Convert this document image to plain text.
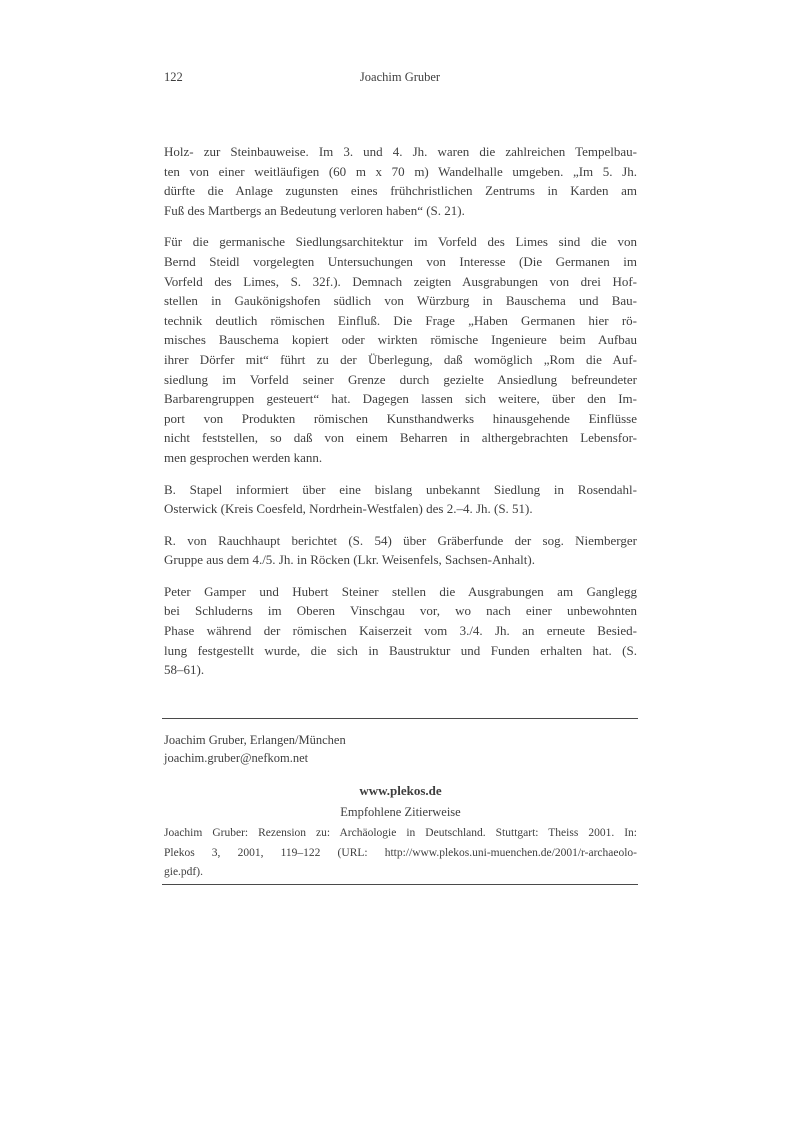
122	Joachim Gruber
Holz- zur Steinbauweise. Im 3. und 4. Jh. waren die zahlreichen Tempelbau-
ten von einer weitläufigen (60 m x 70 m) Wandelhalle umgeben. „Im 5. Jh.
dürfte die Anlage zugunsten eines frühchristlichen Zentrums in Karden am
Fuß des Martbergs an Bedeutung verloren haben“ (S. 21).
Für die germanische Siedlungsarchitektur im Vorfeld des Limes sind die von
Bernd Steidl vorgelegten Untersuchungen von Interesse (Die Germanen im
Vorfeld des Limes, S. 32f.). Demnach zeigten Ausgrabungen von drei Hof-
stellen in Gaukönigshofen südlich von Würzburg in Bauschema und Bau-
technik deutlich römischen Einfluß. Die Frage „Haben Germanen hier rö-
misches Bauschema kopiert oder wirkten römische Ingenieure beim Aufbau
ihrer Dörfer mit“ führt zu der Überlegung, daß womöglich „Rom die Auf-
siedlung im Vorfeld seiner Grenze durch gezielte Ansiedlung befreundeter
Barbarengruppen gesteuert“ hat. Dagegen lassen sich weitere, über den Im-
port von Produkten römischen Kunsthandwerks hinausgehende Einflüsse
nicht feststellen, so daß von einem Beharren in althergebrachten Lebensfor-
men gesprochen werden kann.
B. Stapel informiert über eine bislang unbekannt Siedlung in Rosendahl-
Osterwick (Kreis Coesfeld, Nordrhein-Westfalen) des 2.–4. Jh. (S. 51).
R. von Rauchhaupt berichtet (S. 54) über Gräberfunde der sog. Niemberger
Gruppe aus dem 4./5. Jh. in Röcken (Lkr. Weisenfels, Sachsen-Anhalt).
Peter Gamper und Hubert Steiner stellen die Ausgrabungen am Ganglegg
bei Schluderns im Oberen Vinschgau vor, wo nach einer unbewohnten
Phase während der römischen Kaiserzeit vom 3./4. Jh. an erneute Besied-
lung festgestellt wurde, die sich in Baustruktur und Funden erhalten hat. (S.
58–61).
Joachim Gruber, Erlangen/München
joachim.gruber@nefkom.net
www.plekos.de
Empfohlene Zitierweise
Joachim Gruber: Rezension zu: Archäologie in Deutschland. Stuttgart: Theiss 2001. In:
Plekos 3, 2001, 119–122 (URL: http://www.plekos.uni-muenchen.de/2001/r-archaeolo-
gie.pdf).
